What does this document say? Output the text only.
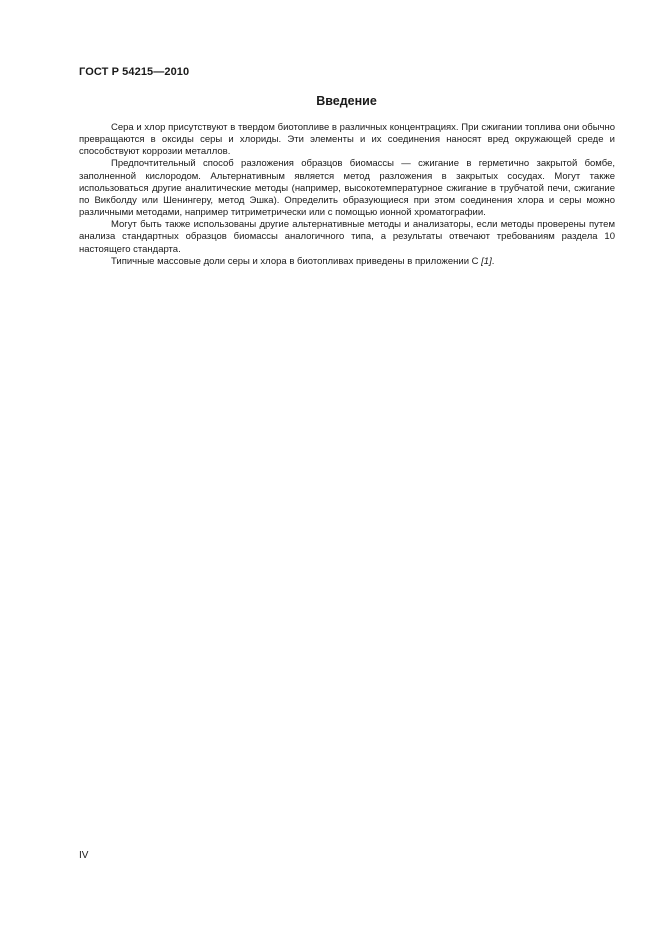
ГОСТ Р 54215—2010
Введение

Сера и хлор присутствуют в твердом биотопливе в различных концентрациях. При сжигании топлива они обычно превращаются в оксиды серы и хлориды. Эти элементы и их соединения наносят вред окружающей среде и способствуют коррозии металлов.

Предпочтительный способ разложения образцов биомассы — сжигание в герметично закрытой бомбе, заполненной кислородом. Альтернативным является метод разложения в закрытых сосудах. Могут также использоваться другие аналитические методы (например, высокотемпературное сжигание в трубчатой печи, сжигание по Викболду или Шенингеру, метод Эшка). Определить образующиеся при этом соединения хлора и серы можно различными методами, например титриметрически или с помощью ионной хроматографии.

Могут быть также использованы другие альтернативные методы и анализаторы, если методы проверены путем анализа стандартных образцов биомассы аналогичного типа, а результаты отвечают требованиям раздела 10 настоящего стандарта.

Типичные массовые доли серы и хлора в биотопливах приведены в приложении С [1].

IV
